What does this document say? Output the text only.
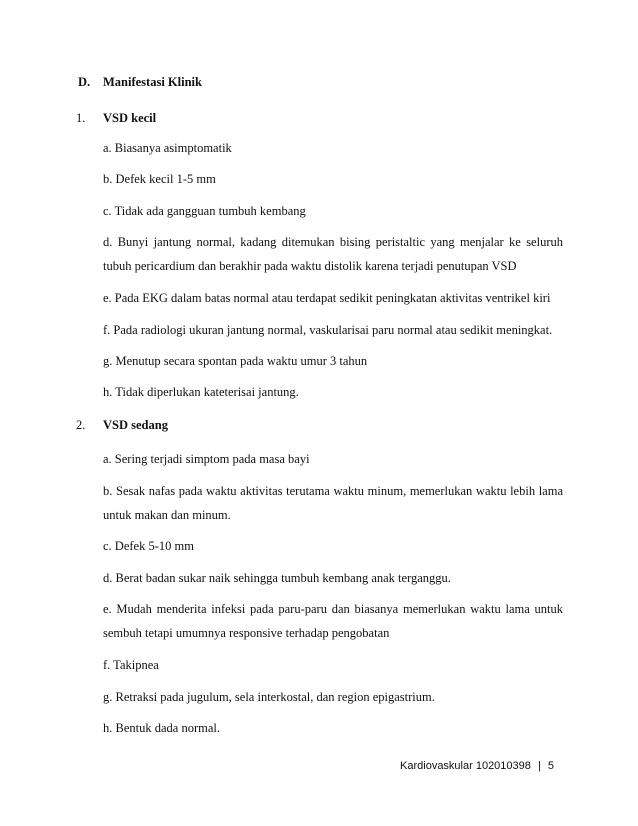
D. Manifestasi Klinik
1. VSD kecil
a. Biasanya asimptomatik
b. Defek kecil 1-5 mm
c. Tidak ada gangguan tumbuh kembang
d. Bunyi jantung normal, kadang ditemukan bising peristaltic yang menjalar ke seluruh
tubuh pericardium dan berakhir pada waktu distolik karena terjadi penutupan VSD
e. Pada EKG dalam batas normal atau terdapat sedikit peningkatan aktivitas ventrikel kiri
f. Pada radiologi ukuran jantung normal, vaskularisai paru normal atau sedikit meningkat.
g. Menutup secara spontan pada waktu umur 3 tahun
h. Tidak diperlukan kateterisai jantung.
2. VSD sedang
a. Sering terjadi simptom pada masa bayi
b. Sesak nafas pada waktu aktivitas terutama waktu minum, memerlukan waktu lebih lama
untuk makan dan minum.
c. Defek 5-10 mm
d. Berat badan sukar naik sehingga tumbuh kembang anak terganggu.
e. Mudah menderita infeksi pada paru-paru dan biasanya memerlukan waktu lama untuk
sembuh tetapi umumnya responsive terhadap pengobatan
f. Takipnea
g. Retraksi pada jugulum, sela interkostal, dan region epigastrium.
h. Bentuk dada normal.
Kardiovaskular 102010398 | 5
